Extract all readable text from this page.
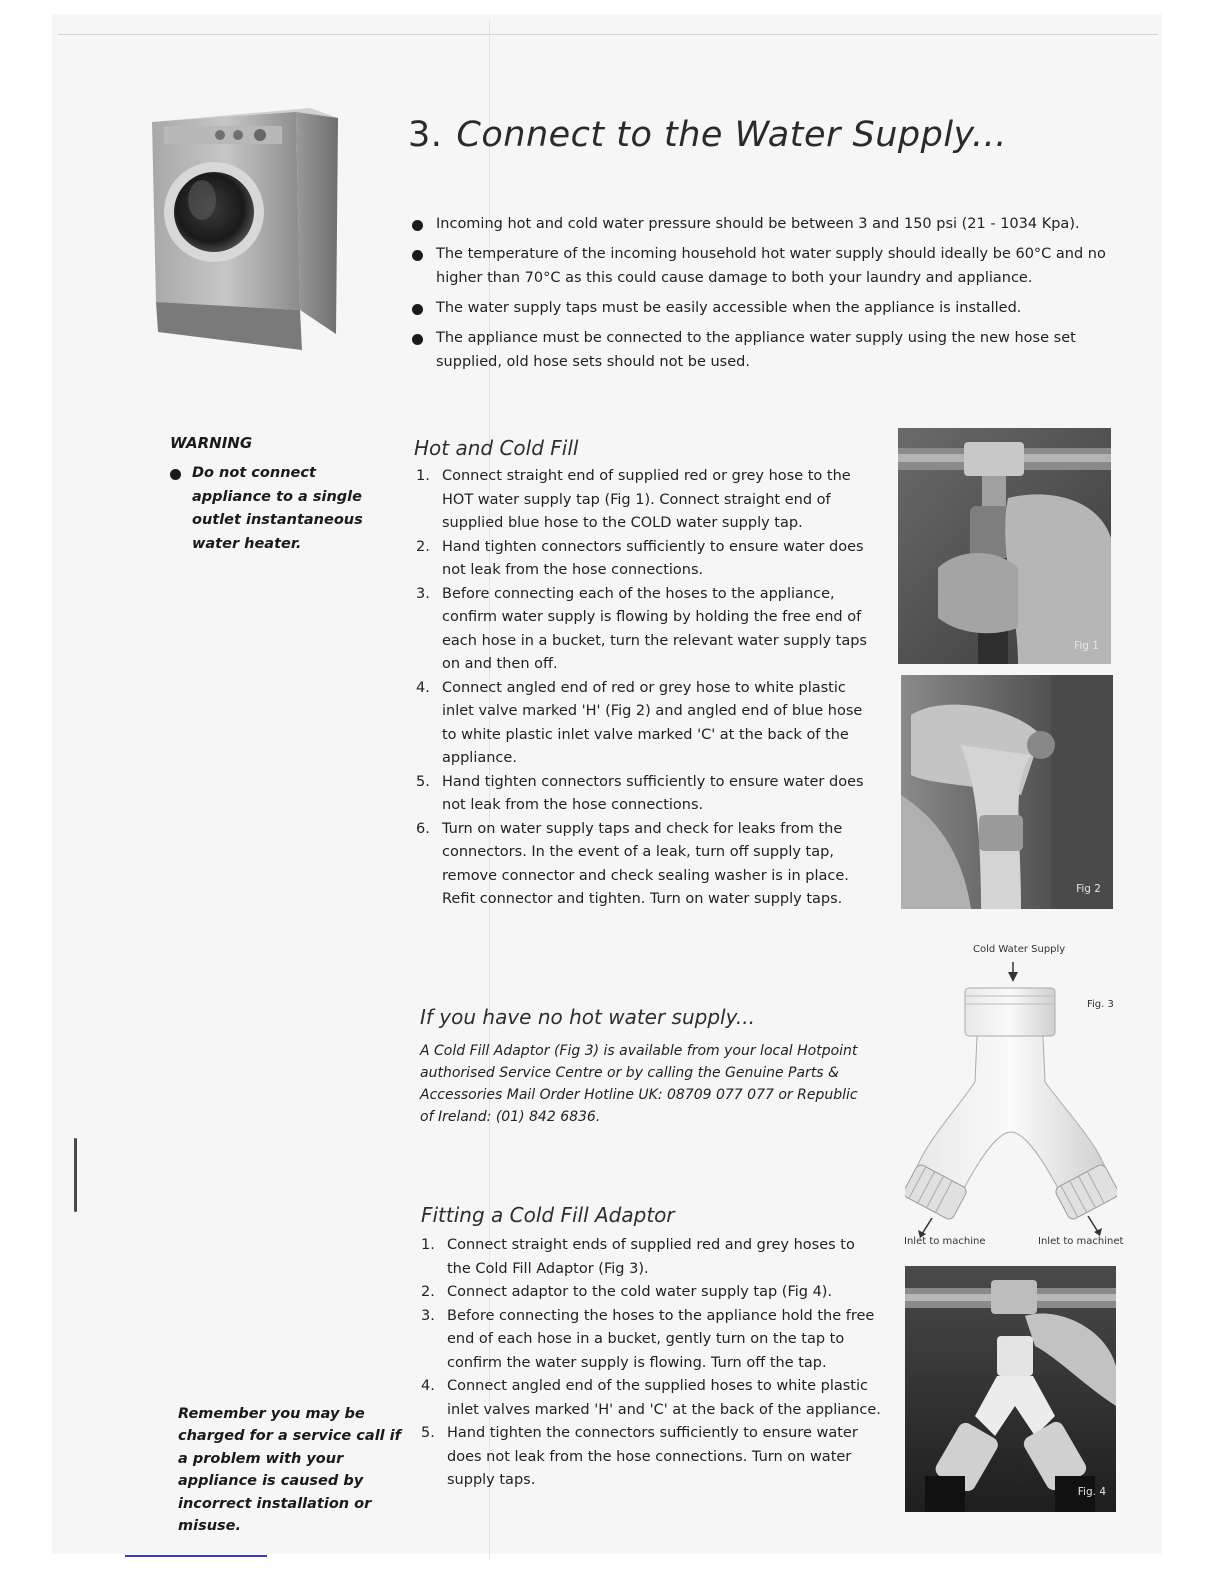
3. Connect to the Water Supply...
Incoming hot and cold water pressure should be between 3 and 150 psi (21 - 1034 Kpa).
The temperature of the incoming household hot water supply should ideally be 60°C and no higher than 70°C as this could cause damage to both your laundry and appliance.
The water supply taps must be easily accessible when the appliance is installed.
The appliance must be connected to the appliance water supply using the new hose set supplied, old hose sets should not be used.

WARNING

Do not connect appliance to a single outlet instantaneous water heater.
Hot and Cold Fill
1. Connect straight end of supplied red or grey hose to the HOT water supply tap (Fig 1). Connect straight end of supplied blue hose to the COLD water supply tap.
2. Hand tighten connectors sufficiently to ensure water does not leak from the hose connections.
3. Before connecting each of the hoses to the appliance, confirm water supply is flowing by holding the free end of each hose in a bucket, turn the relevant water supply taps on and then off.
4. Connect angled end of red or grey hose to white plastic inlet valve marked 'H' (Fig 2) and angled end of blue hose to white plastic inlet valve marked 'C' at the back of the appliance.
5. Hand tighten connectors sufficiently to ensure water does not leak from the hose connections.
6. Turn on water supply taps and check for leaks from the connectors. In the event of a leak, turn off supply tap, remove connector and check sealing washer is in place. Refit connector and tighten. Turn on water supply taps.
Fig 1
Fig 2
Cold Water Supply
Fig. 3
Inlet to machine	Inlet to machinet
If you have no hot water supply...

A Cold Fill Adaptor (Fig 3) is available from your local Hotpoint authorised Service Centre or by calling the Genuine Parts & Accessories Mail Order Hotline UK: 08709 077 077 or Republic of Ireland: (01) 842 6836.

Fitting a Cold Fill Adaptor
1. Connect straight ends of supplied red and grey hoses to the Cold Fill Adaptor (Fig 3).
2. Connect adaptor to the cold water supply tap (Fig 4).
3. Before connecting the hoses to the appliance hold the free end of each hose in a bucket, gently turn on the tap to confirm the water supply is flowing. Turn off the tap.
4. Connect angled end of the supplied hoses to white plastic inlet valves marked 'H' and 'C' at the back of the appliance.
5. Hand tighten the connectors sufficiently to ensure water does not leak from the hose connections. Turn on water supply taps.
Fig. 4

Remember you may be charged for a service call if a problem with your appliance is caused by incorrect installation or misuse.
